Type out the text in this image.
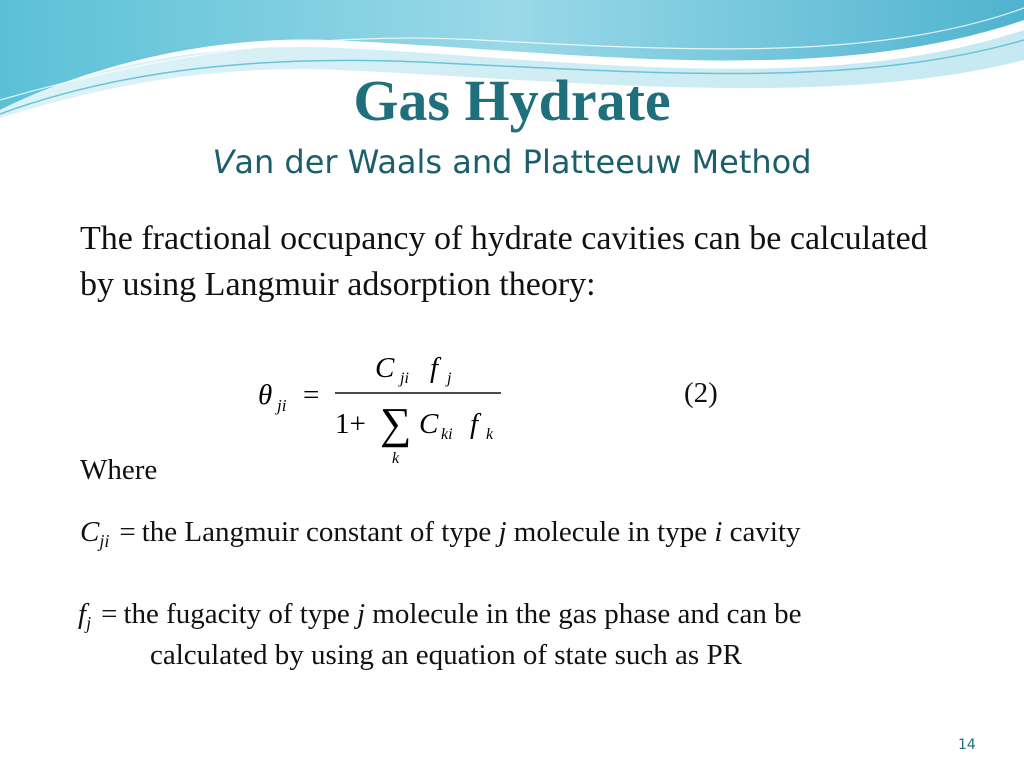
Gas Hydrate
Van der Waals and Platteeuw Method
The fractional occupancy of hydrate cavities can be calculated by using Langmuir adsorption theory:
θ ji =
C ji f j
1+ ∑
k
C ki f k
(2)
Where
$C_{ji}$ = the Langmuir constant of type j molecule in type i cavity
$f_j$ = the fugacity of type j molecule in the gas phase and can be
calculated by using an equation of state such as PR
14
